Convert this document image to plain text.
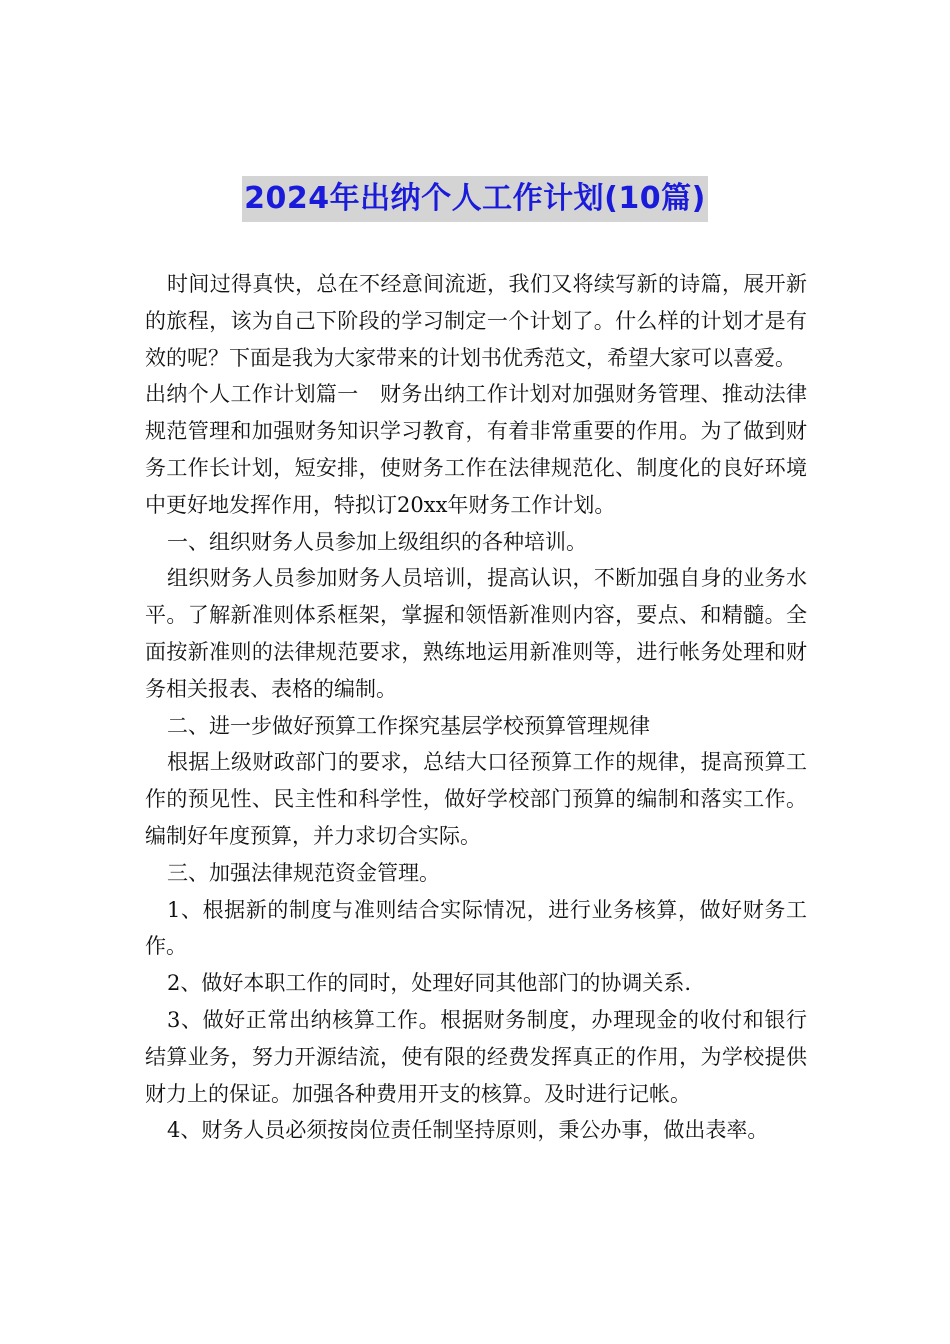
2024年出纳个人工作计划(10篇)

时间过得真快，总在不经意间流逝，我们又将续写新的诗篇，展开新的旅程，该为自己下阶段的学习制定一个计划了。什么样的计划才是有效的呢？下面是我为大家带来的计划书优秀范文，希望大家可以喜爱。

出纳个人工作计划篇一　财务出纳工作计划对加强财务管理、推动法律规范管理和加强财务知识学习教育，有着非常重要的作用。为了做到财务工作长计划，短安排，使财务工作在法律规范化、制度化的良好环境中更好地发挥作用，特拟订20xx年财务工作计划。

一、组织财务人员参加上级组织的各种培训。

组织财务人员参加财务人员培训，提高认识，不断加强自身的业务水平。了解新准则体系框架，掌握和领悟新准则内容，要点、和精髓。全面按新准则的法律规范要求，熟练地运用新准则等，进行帐务处理和财务相关报表、表格的编制。

二、进一步做好预算工作探究基层学校预算管理规律

根据上级财政部门的要求，总结大口径预算工作的规律，提高预算工作的预见性、民主性和科学性，做好学校部门预算的编制和落实工作。编制好年度预算，并力求切合实际。

三、加强法律规范资金管理。

1、根据新的制度与准则结合实际情况，进行业务核算，做好财务工作。

2、做好本职工作的同时，处理好同其他部门的协调关系.

3、做好正常出纳核算工作。根据财务制度，办理现金的收付和银行结算业务，努力开源结流，使有限的经费发挥真正的作用，为学校提供财力上的保证。加强各种费用开支的核算。及时进行记帐。

4、财务人员必须按岗位责任制坚持原则，秉公办事，做出表率。
